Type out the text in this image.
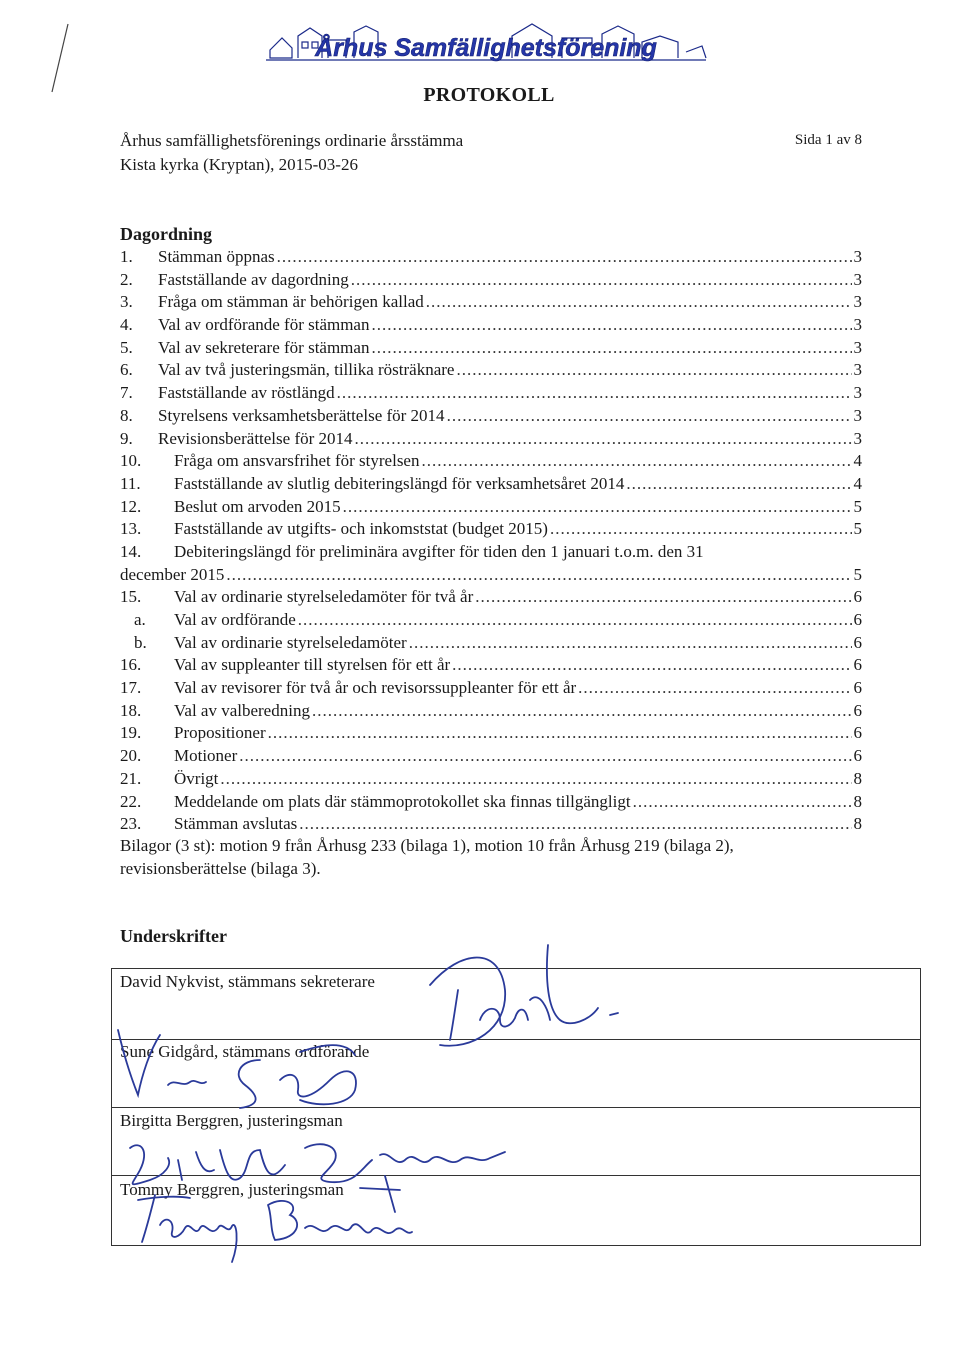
Århus Samfällighetsförening
PROTOKOLL
Århus samfällighetsförenings ordinarie årsstämma
Kista kyrka (Kryptan), 2015-03-26
Sida 1 av 8
Dagordning
1.	Stämman öppnas .....	3
2.	Fastställande av dagordning .....	3
3.	Fråga om stämman är behörigen kallad .....	3
4.	Val av ordförande för stämman .....	3
5.	Val av sekreterare för stämman .....	3
6.	Val av två justeringsmän, tillika rösträknare .....	3
7.	Fastställande av röstlängd .....	3
8.	Styrelsens verksamhetsberättelse för 2014 .....	3
9.	Revisionsberättelse för 2014 .....	3
10.	Fråga om ansvarsfrihet för styrelsen .....	4
11.	Fastställande av slutlig debiteringslängd för verksamhetsåret 2014 .....	4
12.	Beslut om arvoden 2015 .....	5
13.	Fastställande av utgifts- och inkomststat (budget 2015) .....	5
14.	Debiteringslängd för preliminära avgifter för tiden den 1 januari t.o.m. den 31
december 2015 .....	5
15.	Val av ordinarie styrelseledamöter för två år .....	6
a.	Val av ordförande .....	6
b.	Val av ordinarie styrelseledamöter .....	6
16.	Val av suppleanter till styrelsen för ett år .....	6
17.	Val av revisorer för två år och revisorssuppleanter för ett år .....	6
18.	Val av valberedning .....	6
19.	Propositioner .....	6
20.	Motioner .....	6
21.	Övrigt .....	8
22.	Meddelande om plats där stämmoprotokollet ska finnas tillgängligt .....	8
23.	Stämman avslutas .....	8
Bilagor (3 st): motion 9 från Århusg 233 (bilaga 1), motion 10 från Århusg 219 (bilaga 2), revisionsberättelse (bilaga 3).
Underskrifter
David Nykvist, stämmans sekreterare
Sune Gidgård, stämmans ordförande
Birgitta Berggren, justeringsman
Tommy Berggren, justeringsman
